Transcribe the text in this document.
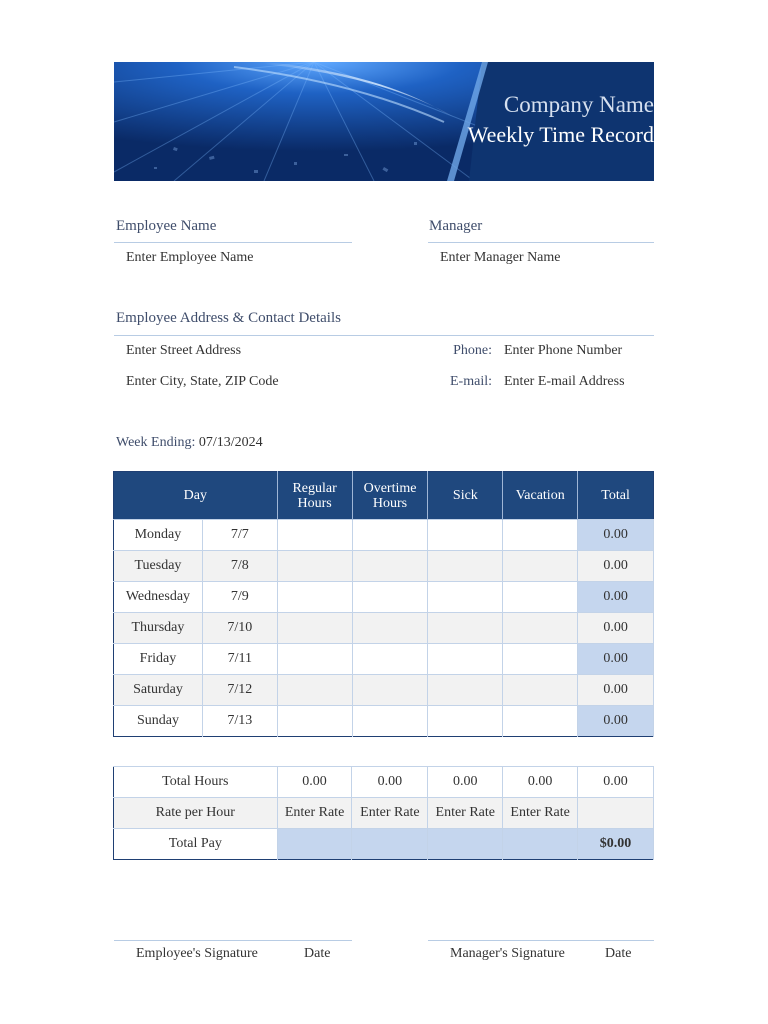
Company Name
Weekly Time Record
Employee Name
Enter Employee Name
Manager
Enter Manager Name
Employee Address & Contact Details
Enter Street Address
Enter City, State, ZIP Code
Phone: Enter Phone Number
E-mail: Enter E-mail Address
Week Ending: 07/13/2024
Day		Regular Hours	Overtime Hours	Sick	Vacation	Total
Monday	7/7					0.00
Tuesday	7/8					0.00
Wednesday	7/9					0.00
Thursday	7/10					0.00
Friday	7/11					0.00
Saturday	7/12					0.00
Sunday	7/13					0.00
Total Hours	0.00	0.00	0.00	0.00	0.00
Rate per Hour	Enter Rate	Enter Rate	Enter Rate	Enter Rate	
Total Pay					$0.00
Employee's Signature	Date	Manager's Signature	Date
